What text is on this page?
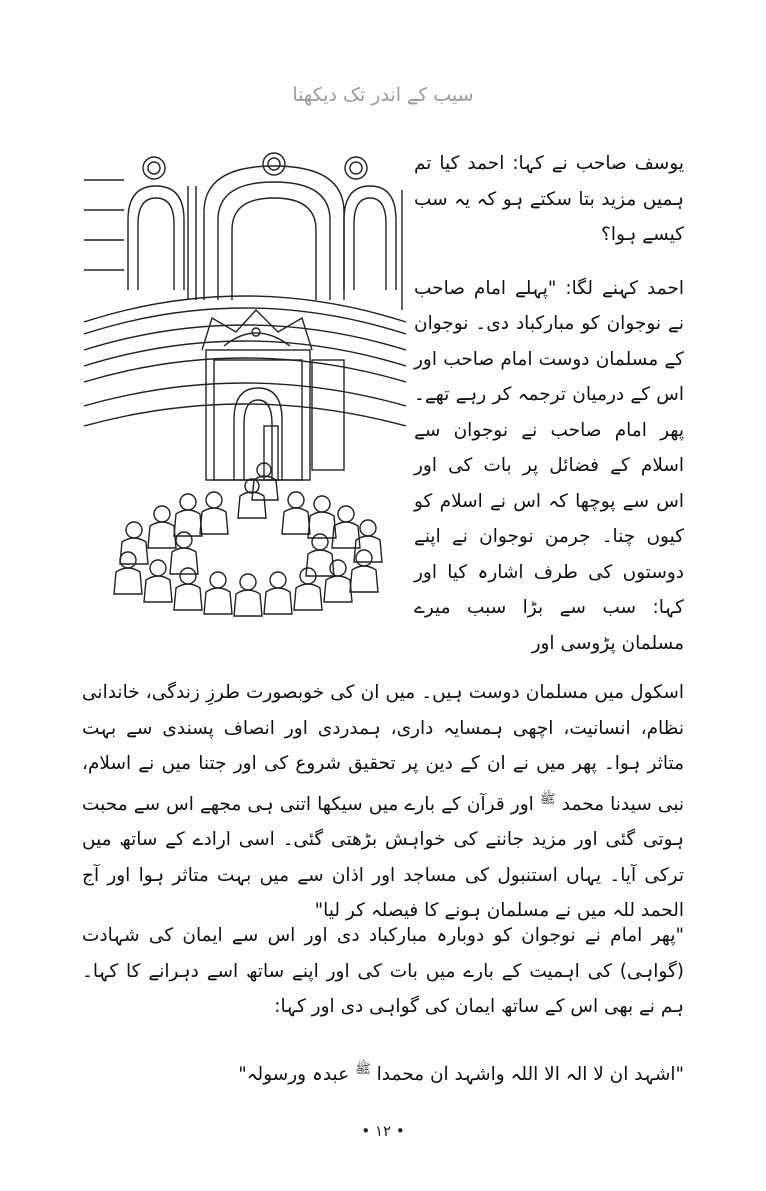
سیب کے اندر تک دیکھنا

یوسف صاحب نے کہا: احمد کیا تم ہمیں مزید بتا سکتے ہو کہ یہ سب کیسے ہوا؟

احمد کہنے لگا: "پہلے امام صاحب نے نوجوان کو مبارکباد دی۔ نوجوان کے مسلمان دوست امام صاحب اور اس کے درمیان ترجمہ کر رہے تھے۔ پھر امام صاحب نے نوجوان سے اسلام کے فضائل پر بات کی اور اس سے پوچھا کہ اس نے اسلام کو کیوں چنا۔ جرمن نوجوان نے اپنے دوستوں کی طرف اشارہ کیا اور کہا: سب سے بڑا سبب میرے مسلمان پڑوسی اور

اسکول میں مسلمان دوست ہیں۔ میں ان کی خوبصورت طرزِ زندگی، خاندانی نظام، انسانیت، اچھی ہمسایہ داری، ہمدردی اور انصاف پسندی سے بہت متاثر ہوا۔ پھر میں نے ان کے دین پر تحقیق شروع کی اور جتنا میں نے اسلام، نبی سیدنا محمد $^ﷺ$ اور قرآن کے بارے میں سیکھا اتنی ہی مجھے اس سے محبت ہوتی گئی اور مزید جاننے کی خواہش بڑھتی گئی۔ اسی ارادے کے ساتھ میں ترکی آیا۔ یہاں استنبول کی مساجد اور اذان سے میں بہت متاثر ہوا اور آج الحمد للہ میں نے مسلمان ہونے کا فیصلہ کر لیا"

"پھر امام نے نوجوان کو دوبارہ مبارکباد دی اور اس سے ایمان کی شہادت (گواہی) کی اہمیت کے بارے میں بات کی اور اپنے ساتھ اسے دہرانے کا کہا۔ ہم نے بھی اس کے ساتھ ایمان کی گواہی دی اور کہا:

"اشہد ان لا الہ الا اللہ واشہد ان محمدا $^ﷺ$ عبدہ ورسولہ"

• ١٢ •
